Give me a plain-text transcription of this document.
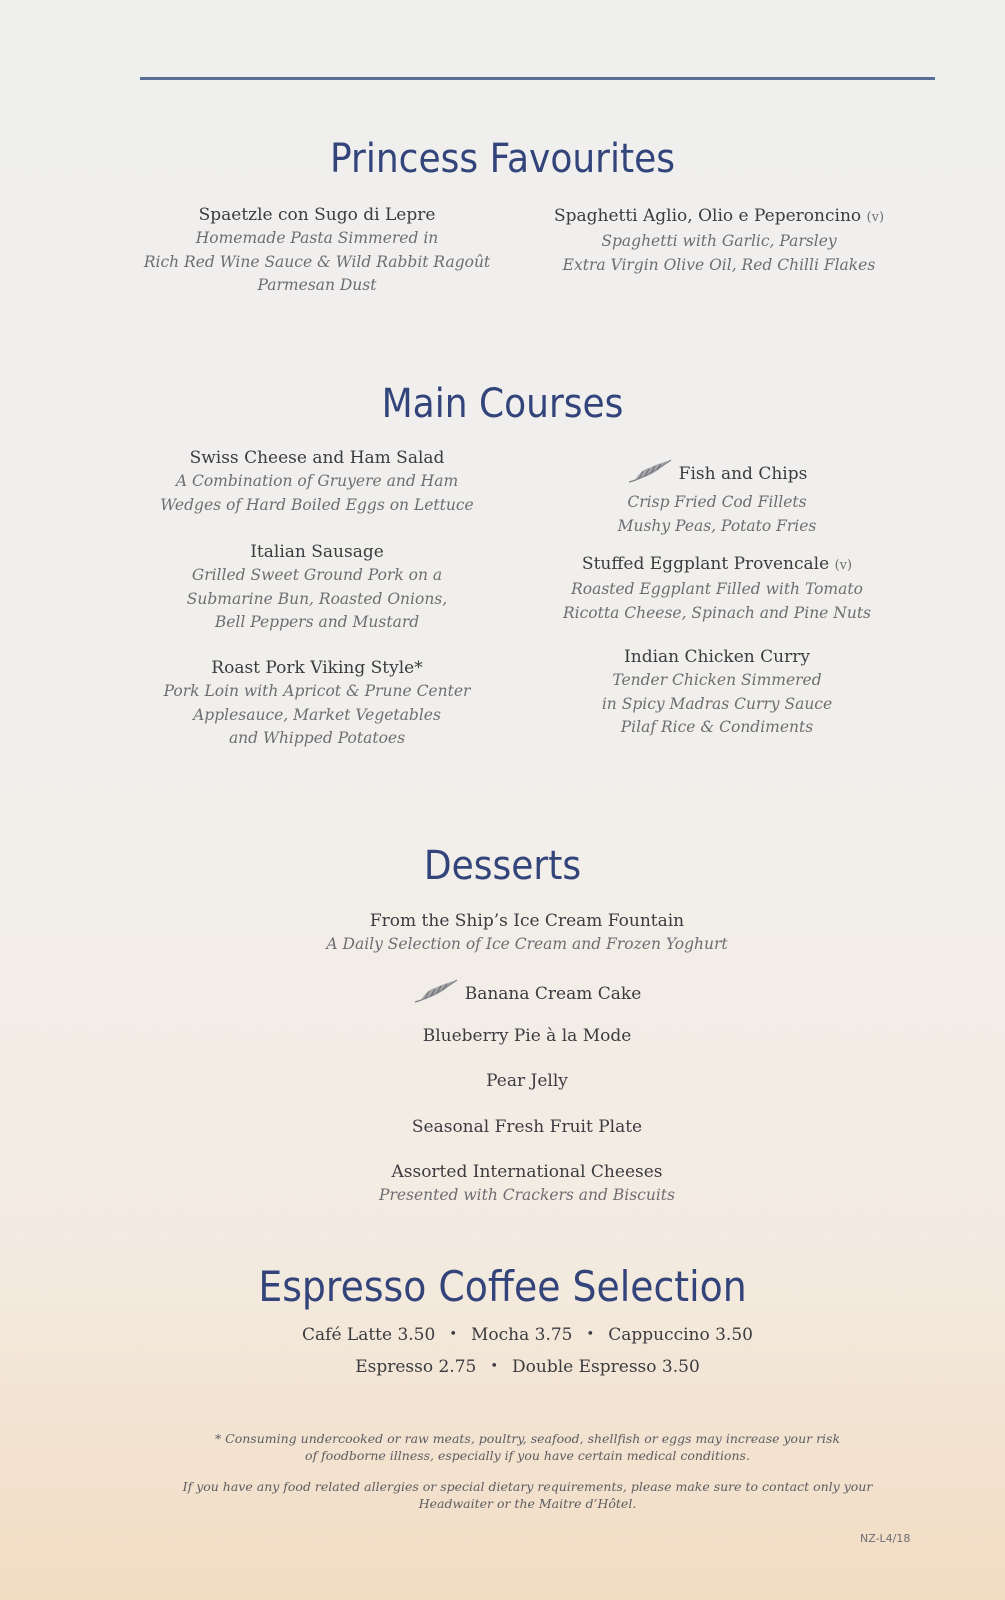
Princess Favourites
Spaetzle con Sugo di Lepre
Homemade Pasta Simmered in
Rich Red Wine Sauce & Wild Rabbit Ragoût
Parmesan Dust
Spaghetti Aglio, Olio e Peperoncino (v)
Spaghetti with Garlic, Parsley
Extra Virgin Olive Oil, Red Chilli Flakes
Main Courses
Swiss Cheese and Ham Salad
A Combination of Gruyere and Ham
Wedges of Hard Boiled Eggs on Lettuce
Italian Sausage
Grilled Sweet Ground Pork on a
Submarine Bun, Roasted Onions,
Bell Peppers and Mustard
Roast Pork Viking Style*
Pork Loin with Apricot & Prune Center
Applesauce, Market Vegetables
and Whipped Potatoes
Fish and Chips
Crisp Fried Cod Fillets
Mushy Peas, Potato Fries
Stuffed Eggplant Provencale (v)
Roasted Eggplant Filled with Tomato
Ricotta Cheese, Spinach and Pine Nuts
Indian Chicken Curry
Tender Chicken Simmered
in Spicy Madras Curry Sauce
Pilaf Rice & Condiments
Desserts
From the Ship’s Ice Cream Fountain
A Daily Selection of Ice Cream and Frozen Yoghurt
Banana Cream Cake
Blueberry Pie à la Mode
Pear Jelly
Seasonal Fresh Fruit Plate
Assorted International Cheeses
Presented with Crackers and Biscuits
Espresso Coffee Selection
Café Latte 3.50 • Mocha 3.75 • Cappuccino 3.50
Espresso 2.75 • Double Espresso 3.50
* Consuming undercooked or raw meats, poultry, seafood, shellfish or eggs may increase your risk
of foodborne illness, especially if you have certain medical conditions.
If you have any food related allergies or special dietary requirements, please make sure to contact only your
Headwaiter or the Maitre d’Hôtel.
NZ-L4/18
